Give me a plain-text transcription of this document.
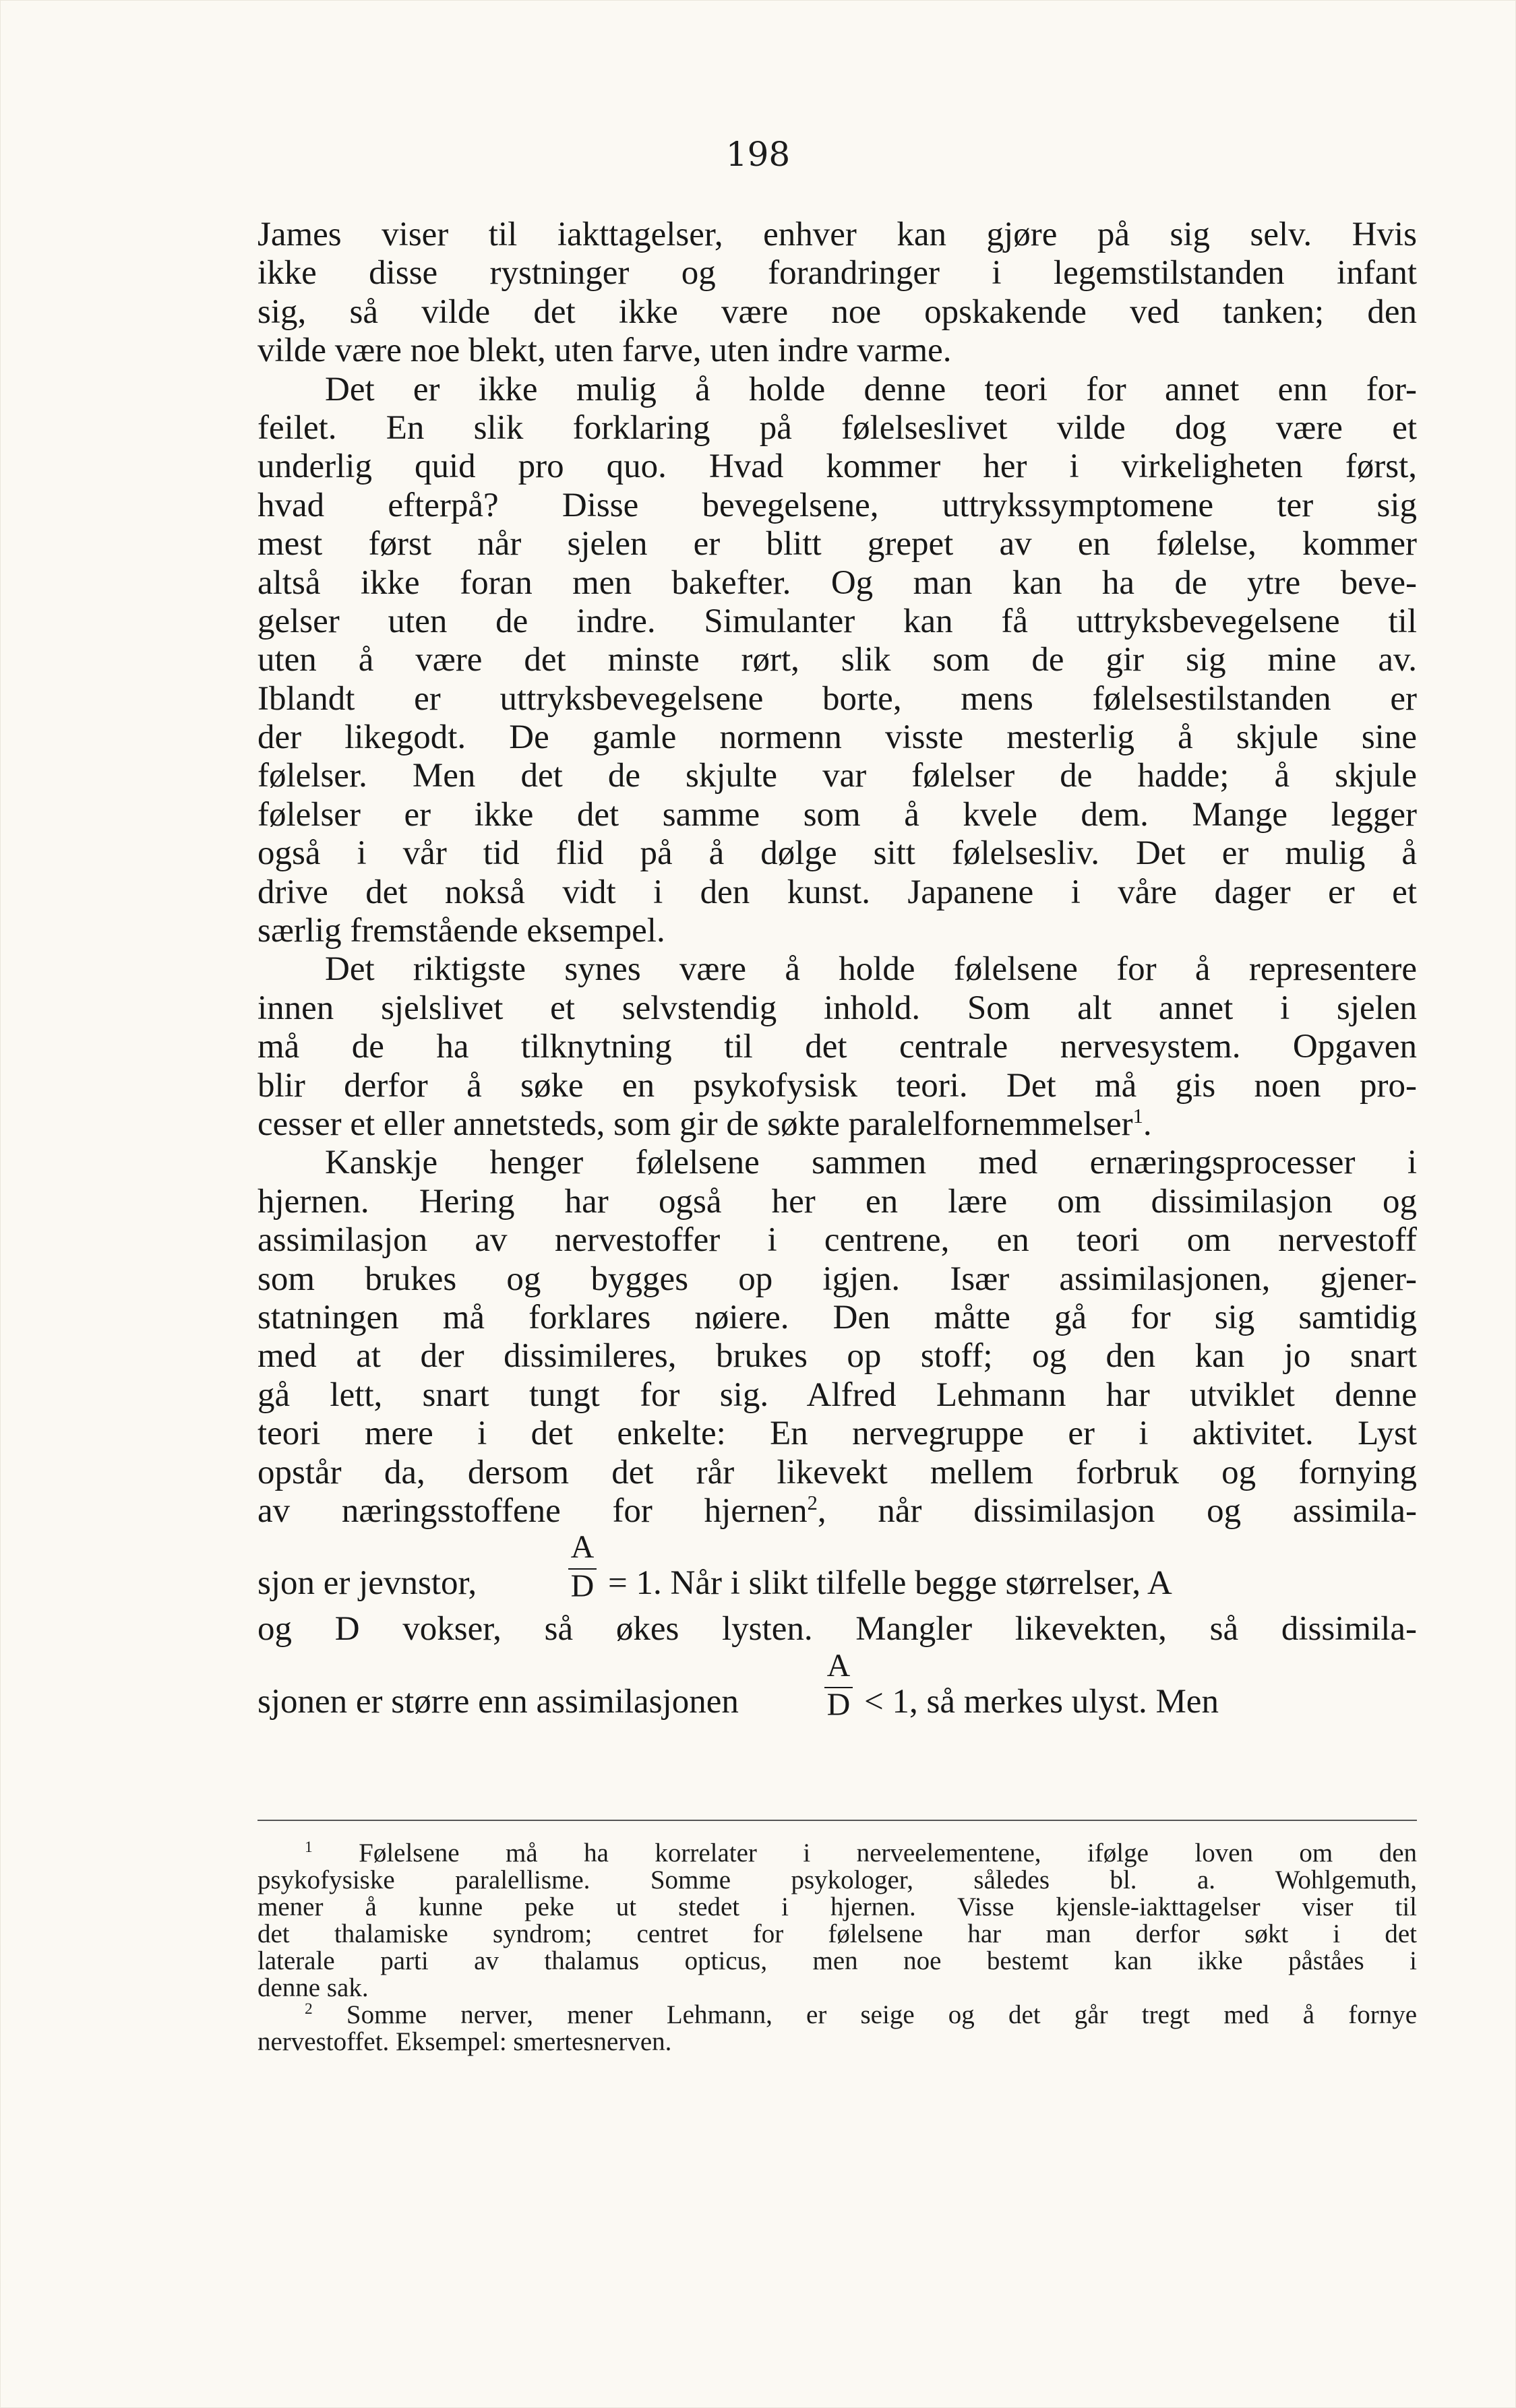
198
James viser til iakttagelser, enhver kan gjøre på sig selv. Hvis
ikke disse rystninger og forandringer i legemstilstanden infant
sig, så vilde det ikke være noe opskakende ved tanken; den
vilde være noe blekt, uten farve, uten indre varme.
Det er ikke mulig å holde denne teori for annet enn for-
feilet. En slik forklaring på følelseslivet vilde dog være et
underlig quid pro quo. Hvad kommer her i virkeligheten først,
hvad efterpå? Disse bevegelsene, uttrykssymptomene ter sig
mest først når sjelen er blitt grepet av en følelse, kommer
altså ikke foran men bakefter. Og man kan ha de ytre beve-
gelser uten de indre. Simulanter kan få uttryksbevegelsene til
uten å være det minste rørt, slik som de gir sig mine av.
Iblandt er uttryksbevegelsene borte, mens følelsestilstanden er
der likegodt. De gamle normenn visste mesterlig å skjule sine
følelser. Men det de skjulte var følelser de hadde; å skjule
følelser er ikke det samme som å kvele dem. Mange legger
også i vår tid flid på å dølge sitt følelsesliv. Det er mulig å
drive det nokså vidt i den kunst. Japanene i våre dager er et
særlig fremstående eksempel.
Det riktigste synes være å holde følelsene for å representere
innen sjelslivet et selvstendig inhold. Som alt annet i sjelen
må de ha tilknytning til det centrale nervesystem. Opgaven
blir derfor å søke en psykofysisk teori. Det må gis noen pro-
cesser et eller annetsteds, som gir de søkte paralelfornemmelser$^1$.
Kanskje henger følelsene sammen med ernæringsprocesser i
hjernen. Hering har også her en lære om dissimilasjon og
assimilasjon av nervestoffer i centrene, en teori om nervestoff
som brukes og bygges op igjen. Især assimilasjonen, gjener-
statningen må forklares nøiere. Den måtte gå for sig samtidig
med at der dissimileres, brukes op stoff; og den kan jo snart
gå lett, snart tungt for sig. Alfred Lehmann har utviklet denne
teori mere i det enkelte: En nervegruppe er i aktivitet. Lyst
opstår da, dersom det rår likevekt mellem forbruk og fornying
av næringsstoffene for hjernen$^2$, når dissimilasjon og assimila-
sjon er jevnstor,
A
D = 1. Når i slikt tilfelle begge størrelser, A
og D vokser, så økes lysten. Mangler likevekten, så dissimila-
sjonen er større enn assimilasjonen
A
D < 1, så merkes ulyst. Men
$^1$ Følelsene må ha korrelater i nerveelementene, ifølge loven om den
psykofysiske paralellisme. Somme psykologer, således bl. a. Wohlgemuth,
mener å kunne peke ut stedet i hjernen. Visse kjensle-iakttagelser viser til
det thalamiske syndrom; centret for følelsene har man derfor søkt i det
laterale parti av thalamus opticus, men noe bestemt kan ikke påståes i
denne sak.
$^2$ Somme nerver, mener Lehmann, er seige og det går tregt med å fornye
nervestoffet. Eksempel: smertesnerven.
